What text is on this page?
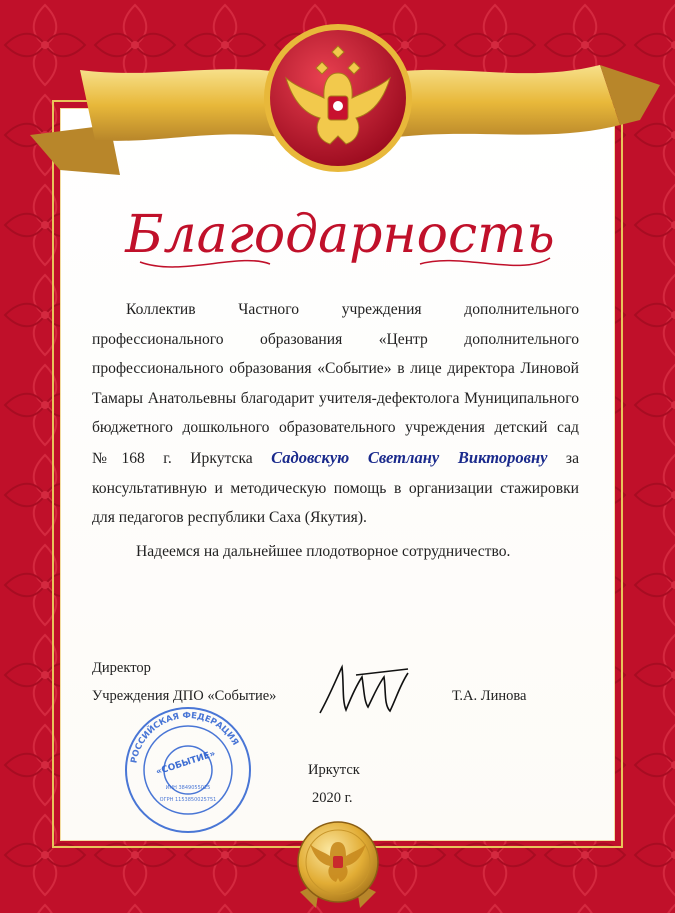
Благодарность

Коллектив Частного учреждения дополнительного профессионального образования «Центр дополнительного профессионального образования «Событие» в лице директора Линовой Тамары Анатольевны благодарит учителя-дефектолога Муниципального бюджетного дошкольного образовательного учреждения детский сад №168 г. Иркутска Садовскую Светлану Викторовну за консультативную и методическую помощь в организации стажировки для педагогов республики Саха (Якутия).

Надеемся на дальнейшее плодотворное сотрудничество.

Директор
Учреждения ДПО «Событие»	Т.А. Линова
РОССИЙСКАЯ ФЕДЕРАЦИЯ
«СОБЫТИЕ»
ИНН 3849055025
ОГРН 1153850025751
Иркутск
2020 г.
